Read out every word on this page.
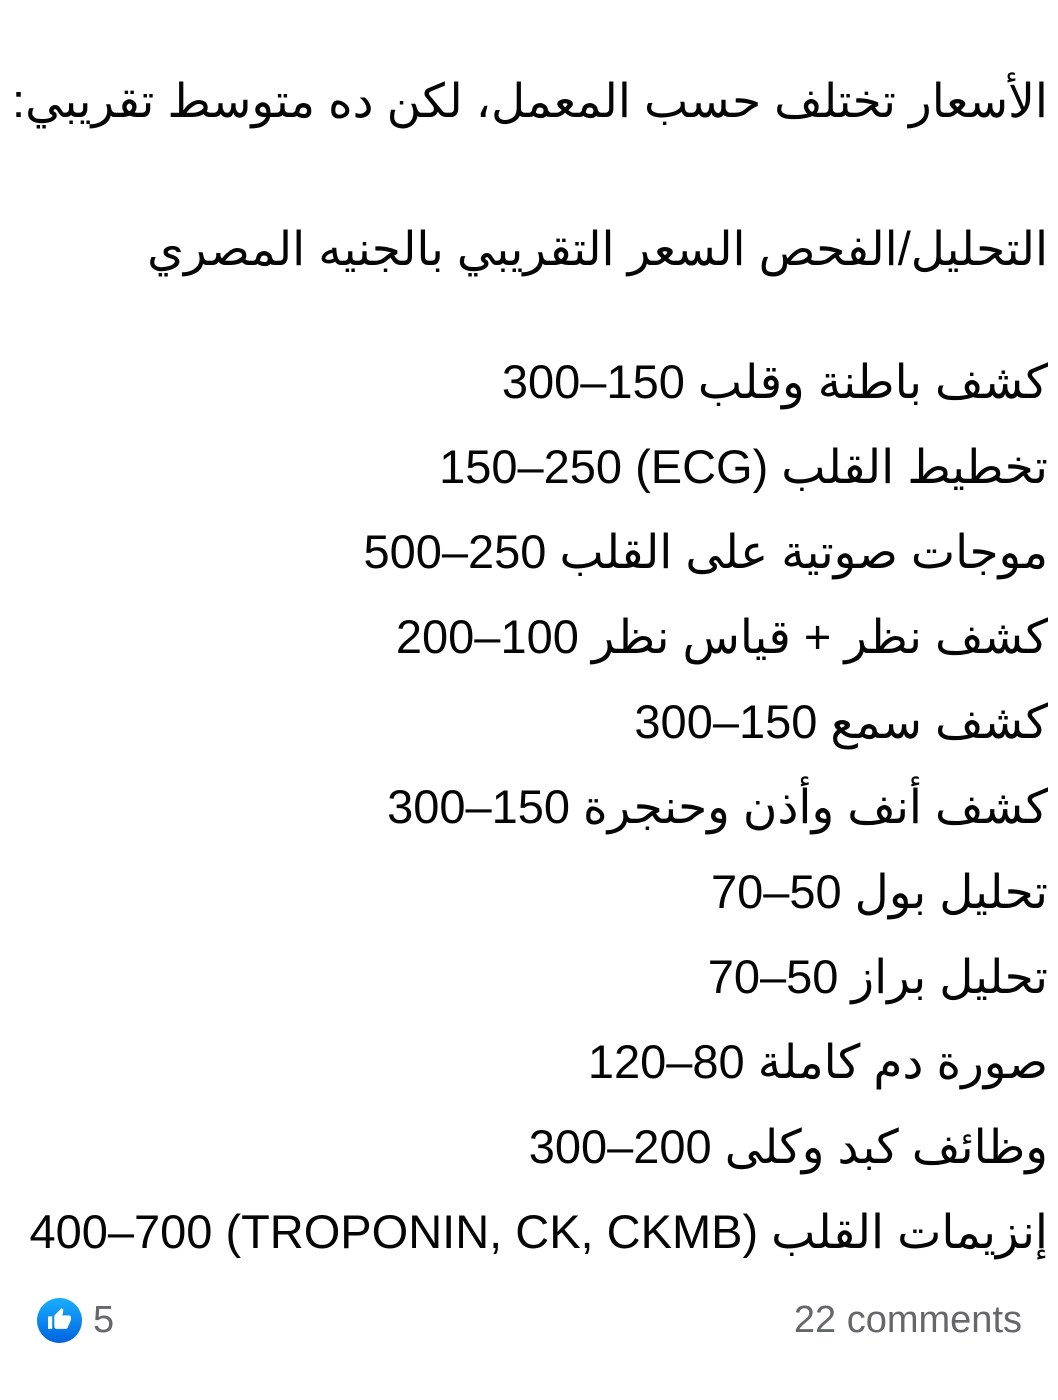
الأسعار تختلف حسب المعمل، لكن ده متوسط تقريبي:

التحليل/الفحص السعر التقريبي بالجنيه المصري

كشف باطنة وقلب300–150

تخطيط القلب (ECG)150–250

موجات صوتية على القلب500–250

كشف نظر + قياس نظر200–100

كشف سمع300–150

كشف أنف وأذن وحنجرة300–150

تحليل بول70–50

تحليل براز70–50

صورة دم كاملة120–80

وظائف كبد وكلى300–200

إنزيمات القلب (TROPONIN, CK, CKMB)400–700

5	22 comments
